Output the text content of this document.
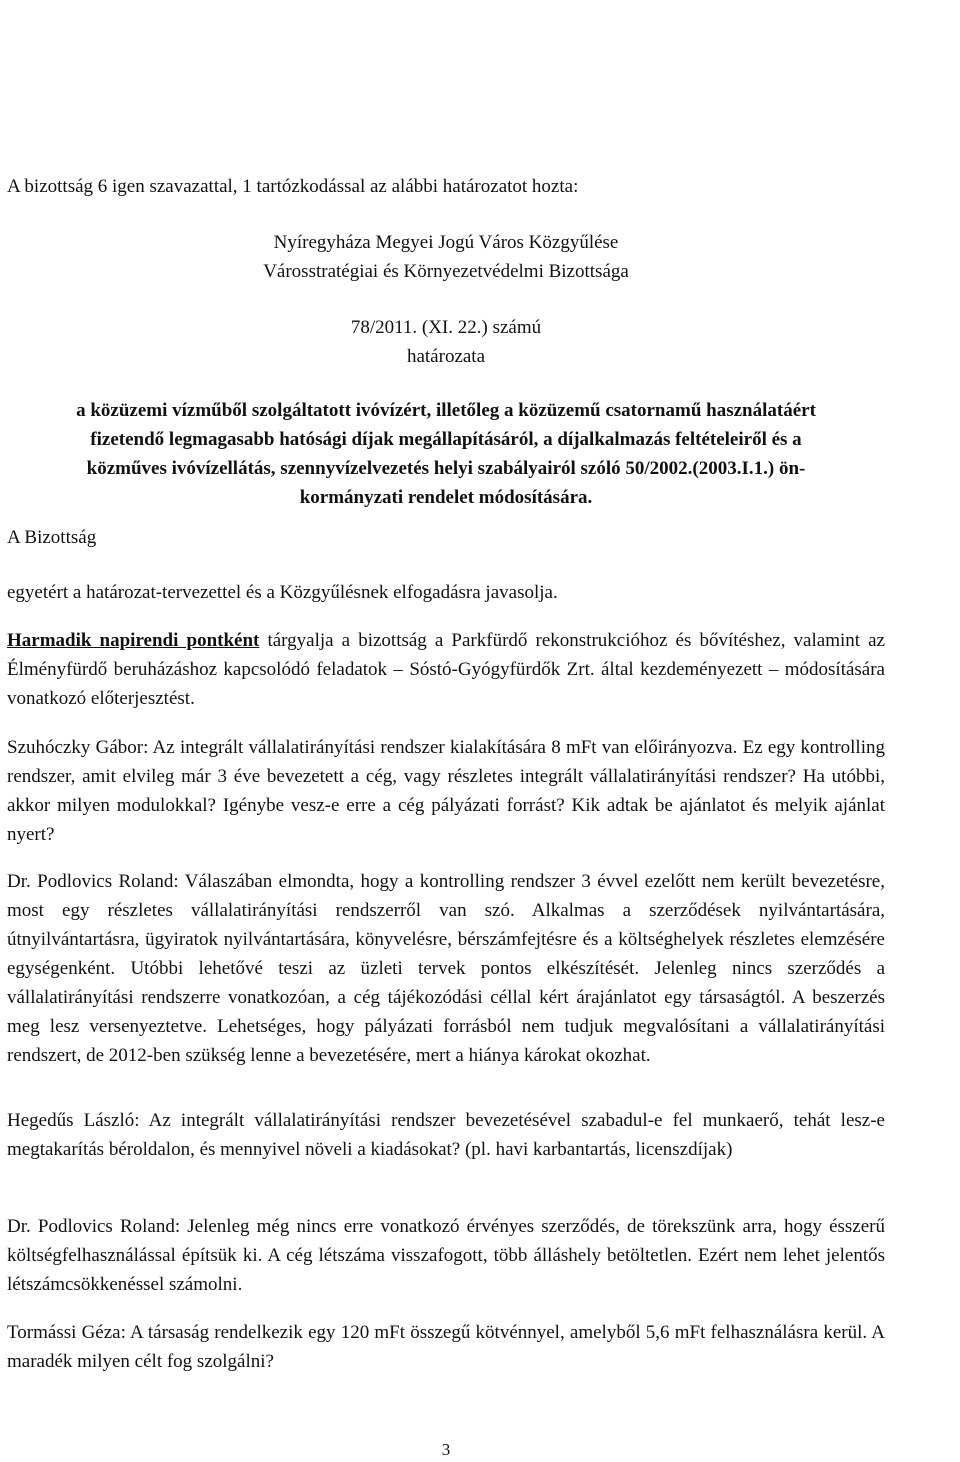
A bizottság 6 igen szavazattal, 1 tartózkodással az alábbi határozatot hozta:

Nyíregyháza Megyei Jogú Város Közgyűlése
Városstratégiai és Környezetvédelmi Bizottsága

78/2011. (XI. 22.) számú
határozata

a közüzemi vízműből szolgáltatott ivóvízért, illetőleg a közüzemű csatornamű használatáért
fizetendő legmagasabb hatósági díjak megállapításáról, a díjalkalmazás feltételeiről és a
közműves ivóvízellátás, szennyvízelvezetés helyi szabályairól szóló 50/2002.(2003.I.1.) ön-
kormányzati rendelet módosítására.

A Bizottság

egyetért a határozat-tervezettel és a Közgyűlésnek elfogadásra javasolja.

Harmadik napirendi pontként tárgyalja a bizottság a Parkfürdő rekonstrukcióhoz és bővítéshez, valamint az Élményfürdő beruházáshoz kapcsolódó feladatok – Sóstó-Gyógyfürdők Zrt. által kezdeményezett – módosítására vonatkozó előterjesztést.

Szuhóczky Gábor: Az integrált vállalatirányítási rendszer kialakítására 8 mFt van előirányozva. Ez egy kontrolling rendszer, amit elvileg már 3 éve bevezetett a cég, vagy részletes integrált vállalatirányítási rendszer? Ha utóbbi, akkor milyen modulokkal? Igénybe vesz-e erre a cég pályázati forrást? Kik adtak be ajánlatot és melyik ajánlat nyert?

Dr. Podlovics Roland: Válaszában elmondta, hogy a kontrolling rendszer 3 évvel ezelőtt nem került bevezetésre, most egy részletes vállalatirányítási rendszerről van szó. Alkalmas a szerződések nyilvántartására, útnyilvántartásra, ügyiratok nyilvántartására, könyvelésre, bérszámfejtésre és a költséghelyek részletes elemzésére egységenként. Utóbbi lehetővé teszi az üzleti tervek pontos elkészítését. Jelenleg nincs szerződés a vállalatirányítási rendszerre vonatkozóan, a cég tájékozódási céllal kért árajánlatot egy társaságtól. A beszerzés meg lesz versenyeztetve. Lehetséges, hogy pályázati forrásból nem tudjuk megvalósítani a vállalatirányítási rendszert, de 2012-ben szükség lenne a bevezetésére, mert a hiánya károkat okozhat.

Hegedűs László: Az integrált vállalatirányítási rendszer bevezetésével szabadul-e fel munkaerő, tehát lesz-e megtakarítás béroldalon, és mennyivel növeli a kiadásokat? (pl. havi karbantartás, licenszdíjak)

Dr. Podlovics Roland: Jelenleg még nincs erre vonatkozó érvényes szerződés, de törekszünk arra, hogy ésszerű költségfelhasználással építsük ki. A cég létszáma visszafogott, több álláshely betöltetlen. Ezért nem lehet jelentős létszámcsökkenéssel számolni.

Tormássi Géza: A társaság rendelkezik egy 120 mFt összegű kötvénnyel, amelyből 5,6 mFt felhasználásra kerül. A maradék milyen célt fog szolgálni?

3
